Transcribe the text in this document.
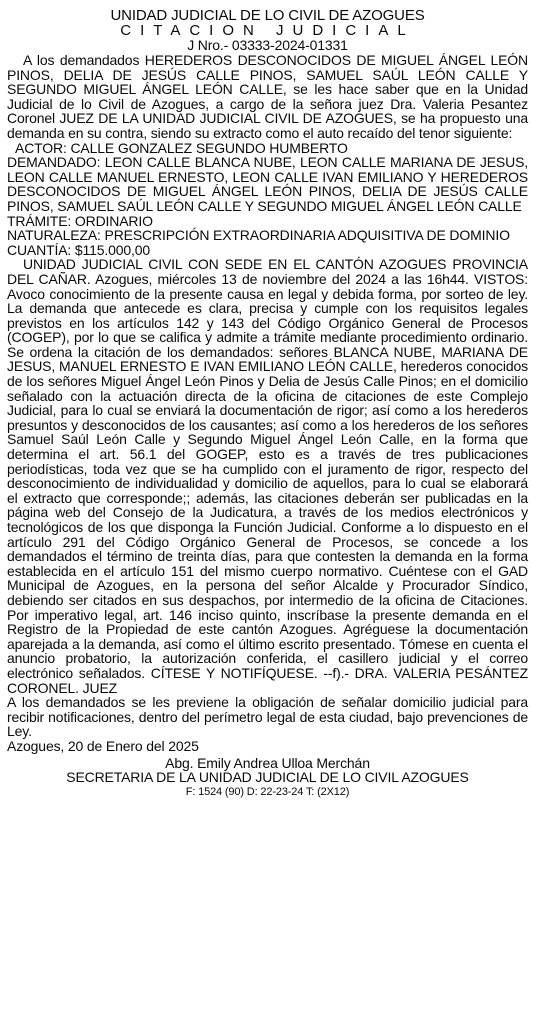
UNIDAD JUDICIAL DE LO CIVIL DE AZOGUES
CITACION JUDICIAL
J Nro.- 03333-2024-01331

A los demandados HEREDEROS DESCONOCIDOS DE MIGUEL ÁNGEL LEÓN PINOS, DELIA DE JESÚS CALLE PINOS, SAMUEL SAÚL LEÓN CALLE Y SEGUNDO MIGUEL ÁNGEL LEÓN CALLE, se les hace saber que en la Unidad Judicial de lo Civil de Azogues, a cargo de la señora juez Dra. Valeria Pesantez Coronel JUEZ DE LA UNIDAD JUDICIAL CIVIL DE AZOGUES, se ha propuesto una demanda en su contra, siendo su extracto como el auto recaído del tenor siguiente:

ACTOR: CALLE GONZALEZ SEGUNDO HUMBERTO

DEMANDADO: LEON CALLE BLANCA NUBE, LEON CALLE MARIANA DE JESUS, LEON CALLE MANUEL ERNESTO, LEON CALLE IVAN EMILIANO Y HEREDEROS DESCONOCIDOS DE MIGUEL ÁNGEL LEÓN PINOS, DELIA DE JESÚS CALLE PINOS, SAMUEL SAÚL LEÓN CALLE Y SEGUNDO MIGUEL ÁNGEL LEÓN CALLE

TRÁMITE: ORDINARIO

NATURALEZA: PRESCRIPCIÓN EXTRAORDINARIA ADQUISITIVA DE DOMINIO

CUANTÍA: $115.000,00

UNIDAD JUDICIAL CIVIL CON SEDE EN EL CANTÓN AZOGUES PROVINCIA DEL CAÑAR. Azogues, miércoles 13 de noviembre del 2024 a las 16h44. VISTOS: Avoco conocimiento de la presente causa en legal y debida forma, por sorteo de ley. La demanda que antecede es clara, precisa y cumple con los requisitos legales previstos en los artículos 142 y 143 del Código Orgánico General de Procesos (COGEP), por lo que se califica y admite a trámite mediante procedimiento ordinario. Se ordena la citación de los demandados: señores BLANCA NUBE, MARIANA DE JESUS, MANUEL ERNESTO E IVAN EMILIANO LEÓN CALLE, herederos conocidos de los señores Miguel Ángel León Pinos y Delia de Jesús Calle Pinos; en el domicilio señalado con la actuación directa de la oficina de citaciones de este Complejo Judicial, para lo cual se enviará la documentación de rigor; así como a los herederos presuntos y desconocidos de los causantes; así como a los herederos de los señores Samuel Saúl León Calle y Segundo Miguel Ángel León Calle, en la forma que determina el art. 56.1 del GOGEP, esto es a través de tres publicaciones periodísticas, toda vez que se ha cumplido con el juramento de rigor, respecto del desconocimiento de individualidad y domicilio de aquellos, para lo cual se elaborará el extracto que corresponde;; además, las citaciones deberán ser publicadas en la página web del Consejo de la Judicatura, a través de los medios electrónicos y tecnológicos de los que disponga la Función Judicial. Conforme a lo dispuesto en el artículo 291 del Código Orgánico General de Procesos, se concede a los demandados el término de treinta días, para que contesten la demanda en la forma establecida en el artículo 151 del mismo cuerpo normativo. Cuéntese con el GAD Municipal de Azogues, en la persona del señor Alcalde y Procurador Síndico, debiendo ser citados en sus despachos, por intermedio de la oficina de Citaciones. Por imperativo legal, art. 146 inciso quinto, inscríbase la presente demanda en el Registro de la Propiedad de este cantón Azogues. Agréguese la documentación aparejada a la demanda, así como el último escrito presentado. Tómese en cuenta el anuncio probatorio, la autorización conferida, el casillero judicial y el correo electrónico señalados. CÍTESE Y NOTIFÍQUESE. --f).- DRA. VALERIA PESÁNTEZ CORONEL. JUEZ

A los demandados se les previene la obligación de señalar domicilio judicial para recibir notificaciones, dentro del perímetro legal de esta ciudad, bajo prevenciones de Ley.

Azogues, 20 de Enero del 2025

Abg. Emily Andrea Ulloa Merchán
SECRETARIA DE LA UNIDAD JUDICIAL DE LO CIVIL AZOGUES
F: 1524 (90) D: 22-23-24 T: (2X12)
